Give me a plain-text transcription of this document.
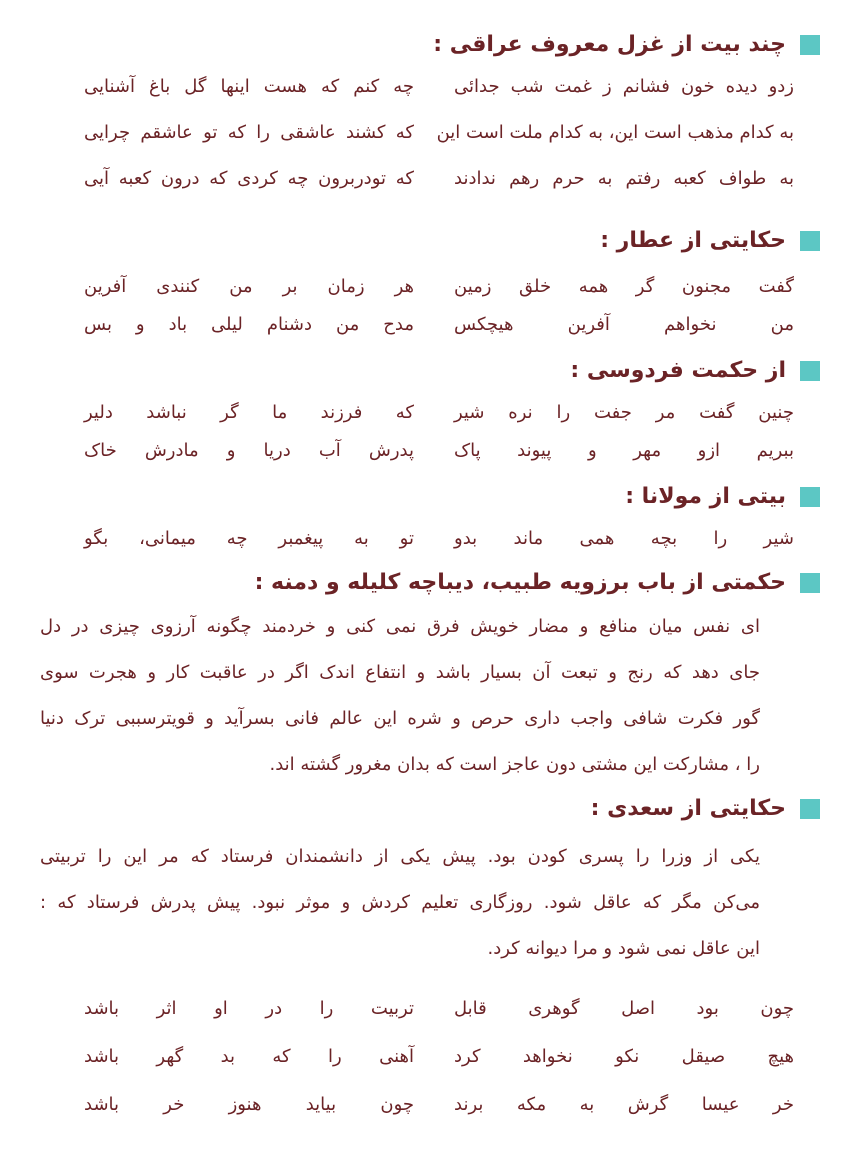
چند بیت از غزل معروف عراقی :
زدو دیده خون فشانم ز غمت شب جدائی
چه کنم که هست اینها گل باغ آشنایی
به کدام مذهب است این، به کدام ملت است این
که کشند عاشقی را که تو عاشقم چرایی
به طواف کعبه رفتم به حرم رهم ندادند
که تودربرون چه کردی که درون کعبه آیی
حکایتی از عطار :
گفت مجنون گر همه خلق زمین
هر زمان بر من کنندی آفرین
من نخواهم آفرین هیچکس
مدح من دشنام لیلی باد و بس
از حکمت فردوسی :
چنین گفت مر جفت را نره شیر
که فرزند ما گر نباشد دلیر
ببریم ازو مهر و پیوند پاک
پدرش آب دریا و مادرش خاک
بیتی از مولانا :
شیر را بچه همی ماند بدو
تو به پیغمبر چه میمانی، بگو
حکمتی از باب برزویه طبیب، دیباچه کلیله و دمنه :
ای نفس میان منافع و مضار خویش فرق نمی کنی و خردمند چگونه آرزوی چیزی در دل
جای دهد که رنج و تبعت آن بسیار باشد و انتفاع اندک اگر در عاقبت کار و هجرت سوی
گور فکرت شافی واجب داری حرص و شره این عالم فانی بسرآید و قویترسببی ترک دنیا
را ، مشارکت این مشتی دون عاجز است که بدان مغرور گشته اند.
حکایتی از سعدی :
یکی از وزرا را پسری کودن بود. پیش یکی از دانشمندان فرستاد که مر این را تربیتی
می‌کن مگر که عاقل شود. روزگاری تعلیم کردش و موثر نبود. پیش پدرش فرستاد که :
این عاقل نمی شود و مرا دیوانه کرد.
چون بود اصل گوهری قابل
تربیت را در او اثر باشد
هیچ صیقل نکو نخواهد کرد
آهنی را که بد گهر باشد
خر عیسا گرش به مکه برند
چون بیاید هنوز خر باشد
